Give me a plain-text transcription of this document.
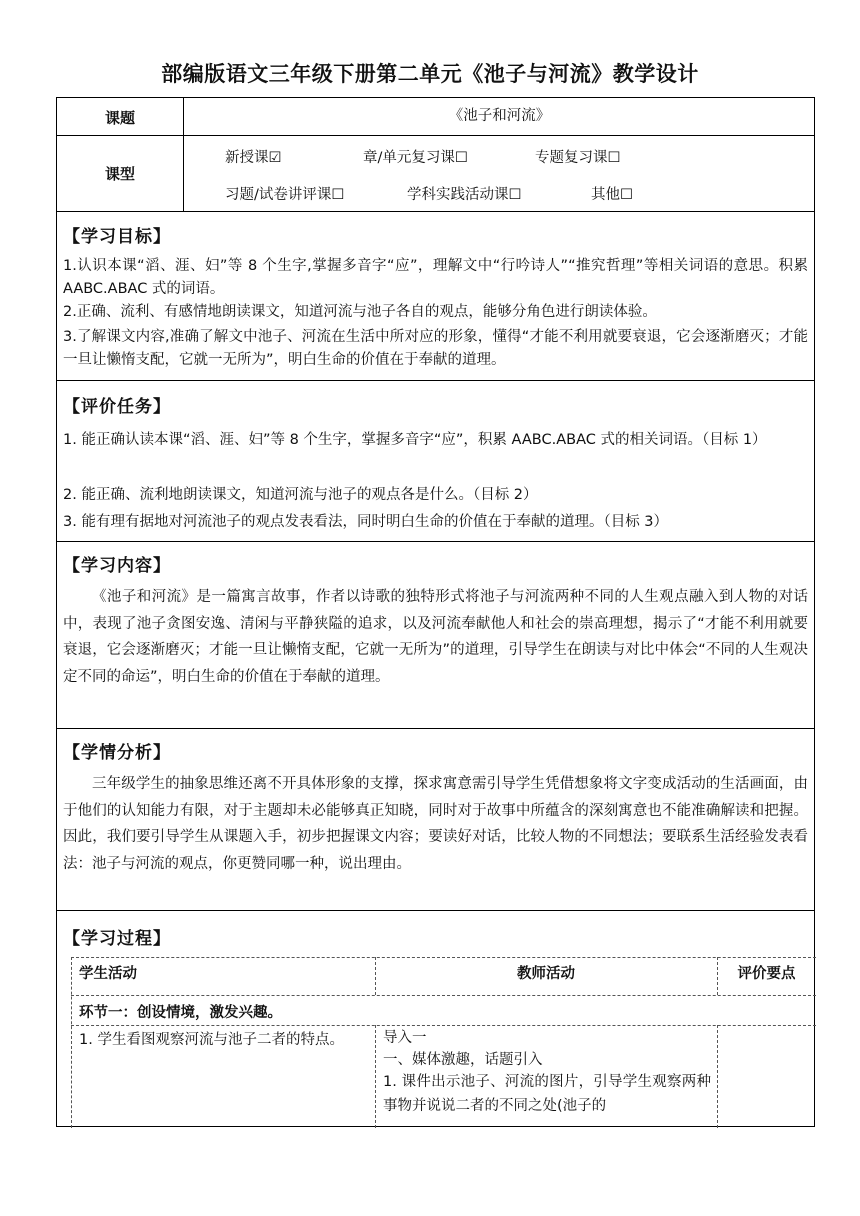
部编版语文三年级下册第二单元《池子与河流》教学设计
课题	《池子和河流》
课型
新授课☑	章/单元复习课☐	专题复习课☐
习题/试卷讲评课☐	学科实践活动课☐	其他☐
【学习目标】
1.认识本课“滔、涯、妇”等 8 个生字,掌握多音字“应”，理解文中“行吟诗人”“推究哲理”等相关词语的意思。积累 AABC.ABAC 式的词语。
2.正确、流利、有感情地朗读课文，知道河流与池子各自的观点，能够分角色进行朗读体验。
3.了解课文内容,准确了解文中池子、河流在生活中所对应的形象，懂得“才能不利用就要衰退，它会逐渐磨灭；才能一旦让懒惰支配，它就一无所为”，明白生命的价值在于奉献的道理。
【评价任务】
1. 能正确认读本课“滔、涯、妇”等 8 个生字，掌握多音字“应”，积累 AABC.ABAC 式的相关词语。（目标 1）
2. 能正确、流利地朗读课文，知道河流与池子的观点各是什么。（目标 2）
3. 能有理有据地对河流池子的观点发表看法，同时明白生命的价值在于奉献的道理。（目标 3）
【学习内容】
《池子和河流》是一篇寓言故事，作者以诗歌的独特形式将池子与河流两种不同的人生观点融入到人物的对话中，表现了池子贪图安逸、清闲与平静狭隘的追求，以及河流奉献他人和社会的崇高理想，揭示了“才能不利用就要衰退，它会逐渐磨灭；才能一旦让懒惰支配，它就一无所为”的道理，引导学生在朗读与对比中体会“不同的人生观决定不同的命运”，明白生命的价值在于奉献的道理。
【学情分析】
三年级学生的抽象思维还离不开具体形象的支撑，探求寓意需引导学生凭借想象将文字变成活动的生活画面，由于他们的认知能力有限，对于主题却未必能够真正知晓，同时对于故事中所蕴含的深刻寓意也不能准确解读和把握。因此，我们要引导学生从课题入手，初步把握课文内容；要读好对话，比较人物的不同想法；要联系生活经验发表看法：池子与河流的观点，你更赞同哪一种，说出理由。
【学习过程】
学生活动	教师活动	评价要点
环节一：创设情境，激发兴趣。
1. 学生看图观察河流与池子二者的特点。	导入一
一、媒体激趣，话题引入
1. 课件出示池子、河流的图片，引导学生观察两种事物并说说二者的不同之处(池子的
